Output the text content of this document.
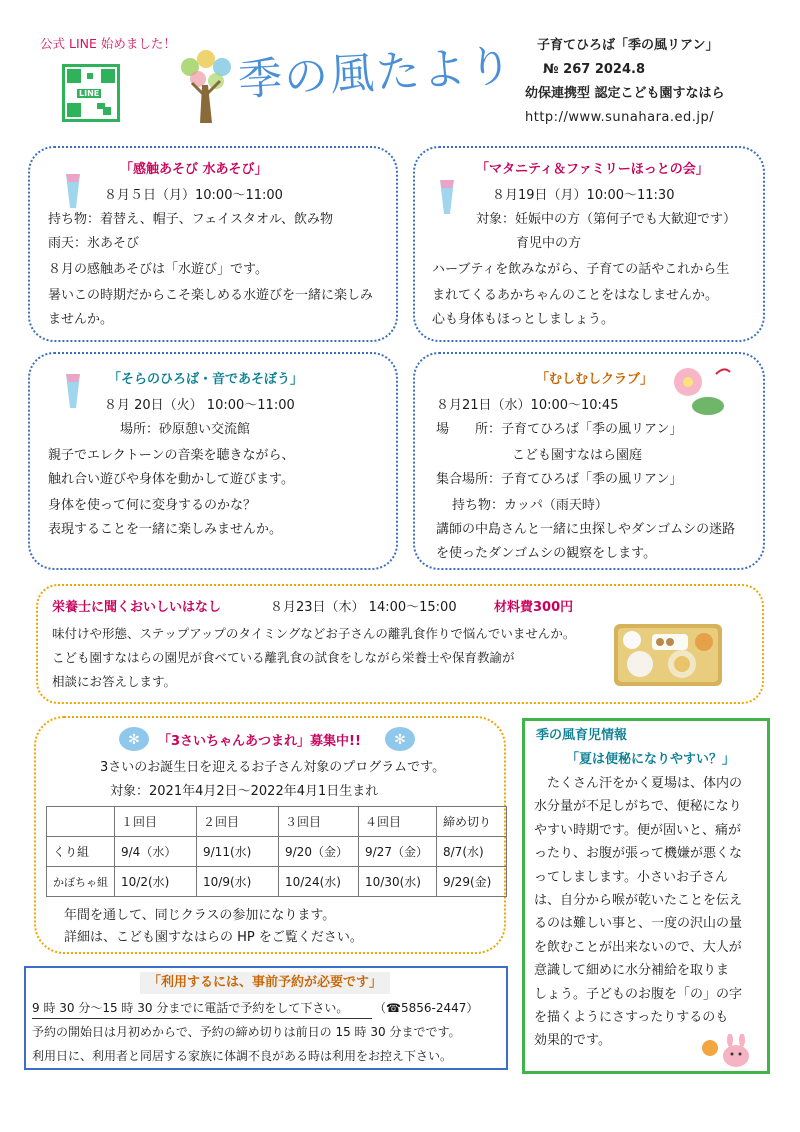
公式 LINE 始めました！
LINE	季の風たより	子育てひろば「季の風リアン」
№ 267 2024.8
幼保連携型 認定こども園すなはら
http://www.sunahara.ed.jp/
「感触あそび 水あそび」
８月５日（月）10:00～11:00
持ち物：着替え、帽子、フェイスタオル、飲み物
雨天：氷あそび
８月の感触あそびは「水遊び」です。
暑いこの時期だからこそ楽しめる水遊びを一緒に楽しみ
ませんか。
「マタニティ＆ファミリーほっとの会」
８月19日（月）10:00～11:30
対象：妊娠中の方（第何子でも大歓迎です）
育児中の方
ハーブティを飲みながら、子育ての話やこれから生
まれてくるあかちゃんのことをはなしませんか。
心も身体もほっとしましょう。
「そらのひろば・音であそぼう」
８月 20日（火） 10:00～11:00
場所：砂原憩い交流館
親子でエレクトーンの音楽を聴きながら、
触れ合い遊びや身体を動かして遊びます。
身体を使って何に変身するのかな？
表現することを一緒に楽しみませんか。
「むしむしクラブ」
８月21日（水）10:00～10:45
場　　所：子育てひろば「季の風リアン」
こども園すなはら園庭
集合場所：子育てひろば「季の風リアン」
持ち物：カッパ（雨天時）
講師の中島さんと一緒に虫探しやダンゴムシの迷路
を使ったダンゴムシの観察をします。
栄養士に聞くおいしいはなし	８月23日（木） 14:00～15:00	材料費300円
味付けや形態、ステップアップのタイミングなどお子さんの離乳食作りで悩んでいませんか。
こども園すなはらの園児が食べている離乳食の試食をしながら栄養士や保育教諭が
相談にお答えします。
✻	✻
「3さいちゃんあつまれ」募集中!!
3さいのお誕生日を迎えるお子さん対象のプログラムです。
対象：2021年4月2日～2022年4月1日生まれ
	１回目	２回目	３回目	４回目	締め切り
くり組	9/4（水）	9/11(水)	9/20（金）	9/27（金）	8/7(水)
かぼちゃ組	10/2(水)	10/9(水)	10/24(水)	10/30(水)	9/29(金)
年間を通して、同じクラスの参加になります。
詳細は、こども園すなはらの HP をご覧ください。
「利用するには、事前予約が必要です」
9 時 30 分～15 時 30 分までに電話で予約をして下さい。 （☎5856-2447）
予約の開始日は月初めからで、予約の締め切りは前日の 15 時 30 分までです。
利用日に、利用者と同居する家族に体調不良がある時は利用をお控え下さい。
季の風育児情報
「夏は便秘になりやすい？」
　たくさん汗をかく夏場は、体内の
水分量が不足しがちで、便秘になり
やすい時期です。便が固いと、痛が
ったり、お腹が張って機嫌が悪くな
ってしまします。小さいお子さん
は、自分から喉が乾いたことを伝え
るのは難しい事と、一度の沢山の量
を飲むことが出来ないので、大人が
意識して細めに水分補給を取りま
しょう。子どものお腹を「の」の字
を描くようにさすったりするのも
効果的です。
